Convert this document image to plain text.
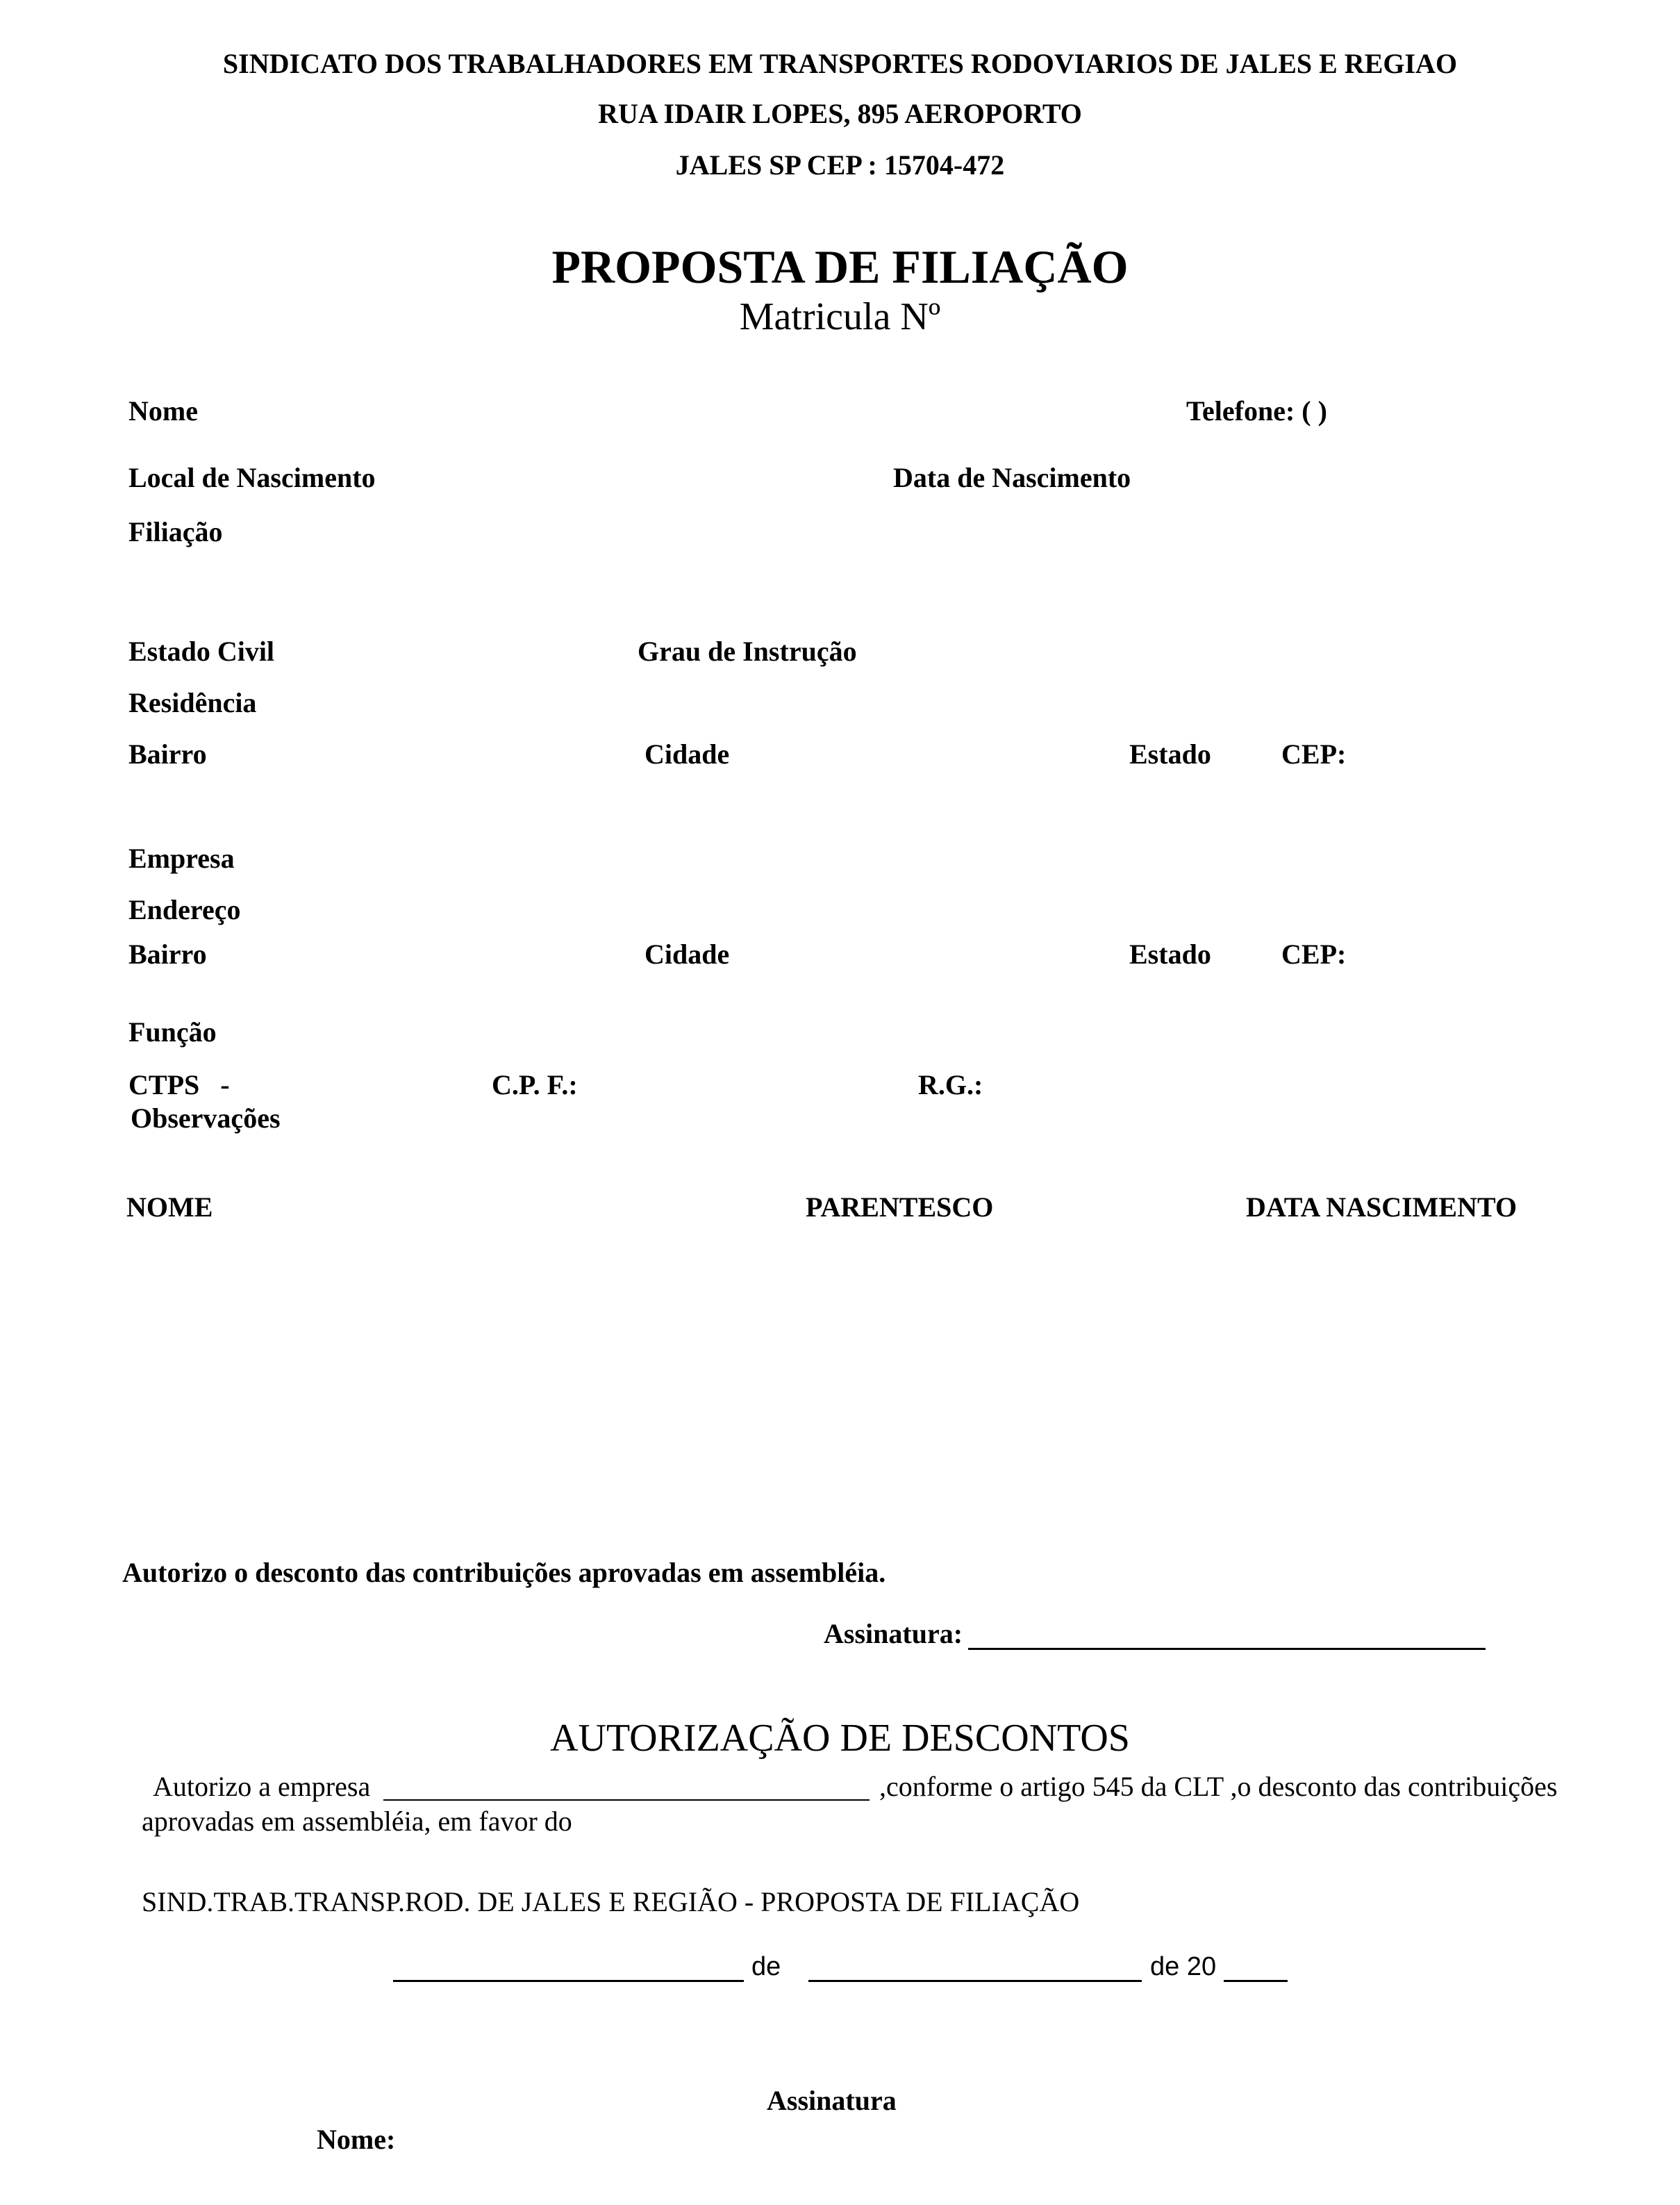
SINDICATO DOS TRABALHADORES EM TRANSPORTES RODOVIARIOS DE JALES E REGIAO
RUA IDAIR LOPES, 895 AEROPORTO
JALES SP CEP : 15704-472
PROPOSTA DE FILIAÇÃO
Matricula Nº
Nome	Telefone: ( )
Local de Nascimento	Data de Nascimento
Filiação
Estado Civil	Grau de Instrução
Residência
Bairro	Cidade	Estado	CEP:
Empresa
Endereço
Bairro	Cidade	Estado	CEP:
Função
CTPS   -	C.P. F.:	R.G.:
Observações
NOME	PARENTESCO	DATA NASCIMENTO
Autorizo o desconto das contribuições aprovadas em assembléia.
Assinatura:
AUTORIZAÇÃO DE DESCONTOS
Autorizo a empresa	,conforme o artigo 545 da CLT ,o desconto das contribuições
aprovadas em assembléia, em favor do
SIND.TRAB.TRANSP.ROD. DE JALES E REGIÃO - PROPOSTA DE FILIAÇÃO
de	de 20
Assinatura
Nome:
